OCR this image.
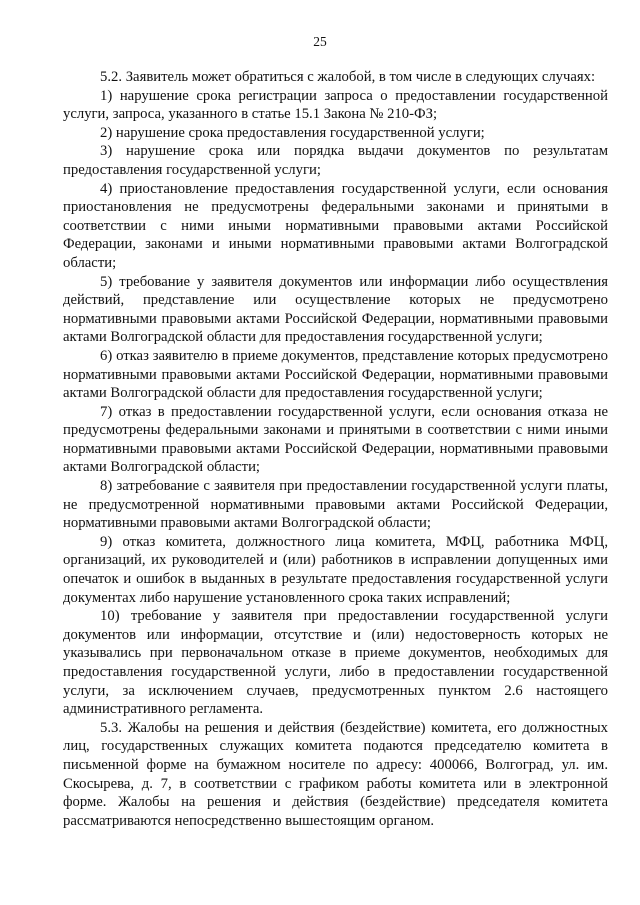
25

5.2. Заявитель может обратиться с жалобой, в том числе в следующих случаях:

1) нарушение срока регистрации запроса о предоставлении государственной услуги, запроса, указанного в статье 15.1 Закона № 210-ФЗ;

2) нарушение срока предоставления государственной услуги;

3) нарушение срока или порядка выдачи документов по результатам предоставления государственной услуги;

4) приостановление предоставления государственной услуги, если основания приостановления не предусмотрены федеральными законами и принятыми в соответствии с ними иными нормативными правовыми актами Российской Федерации, законами и иными нормативными правовыми актами Волгоградской области;

5) требование у заявителя документов или информации либо осуществления действий, представление или осуществление которых не предусмотрено нормативными правовыми актами Российской Федерации, нормативными правовыми актами Волгоградской области для предоставления государственной услуги;

6) отказ заявителю в приеме документов, представление которых предусмотрено нормативными правовыми актами Российской Федерации, нормативными правовыми актами Волгоградской области для предоставления государственной услуги;

7) отказ в предоставлении государственной услуги, если основания отказа не предусмотрены федеральными законами и принятыми в соответствии с ними иными нормативными правовыми актами Российской Федерации, нормативными правовыми актами Волгоградской области;

8) затребование с заявителя при предоставлении государственной услуги платы, не предусмотренной нормативными правовыми актами Российской Федерации, нормативными правовыми актами Волгоградской области;

9) отказ комитета, должностного лица комитета, МФЦ, работника МФЦ, организаций, их руководителей и (или) работников в исправлении допущенных ими опечаток и ошибок в выданных в результате предоставления государственной услуги документах либо нарушение установленного срока таких исправлений;

10) требование у заявителя при предоставлении государственной услуги документов или информации, отсутствие и (или) недостоверность которых не указывались при первоначальном отказе в приеме документов, необходимых для предоставления государственной услуги, либо в предоставлении государственной услуги, за исключением случаев, предусмотренных пунктом 2.6 настоящего административного регламента.

5.3. Жалобы на решения и действия (бездействие) комитета, его должностных лиц, государственных служащих комитета подаются председателю комитета в письменной форме на бумажном носителе по адресу: 400066, Волгоград, ул. им. Скосырева, д. 7, в соответствии с графиком работы комитета или в электронной форме. Жалобы на решения и действия (бездействие) председателя комитета рассматриваются непосредственно вышестоящим органом.
